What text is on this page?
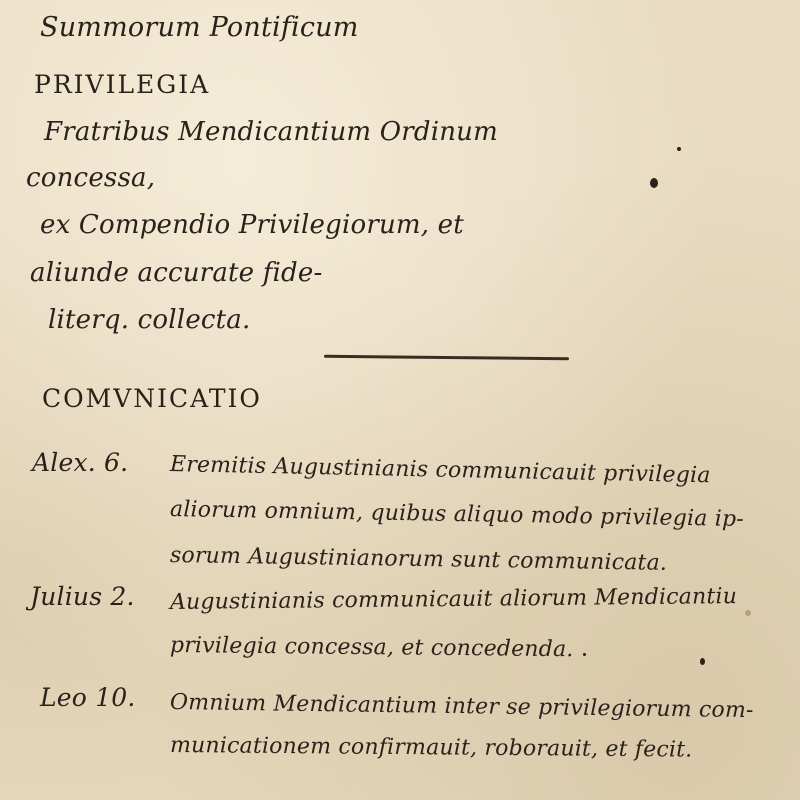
Summorum Pontificum
PRIVILEGIA
Fratribus Mendicantium Ordinum
concessa,
ex Compendio Privilegiorum, et
aliunde accurate fide-
literq. collecta.
COMVNICATIO
Alex. 6. Eremitis Augustinianis communicauit privilegia
aliorum omnium, quibus aliquo modo privilegia ip-
sorum Augustinianorum sunt communicata.
Julius 2. Augustinianis communicauit aliorum Mendicantiu
privilegia concessa, et concedenda.
Leo 10. Omnium Mendicantium inter se privilegiorum com-
municationem confirmauit, roborauit, et fecit.
